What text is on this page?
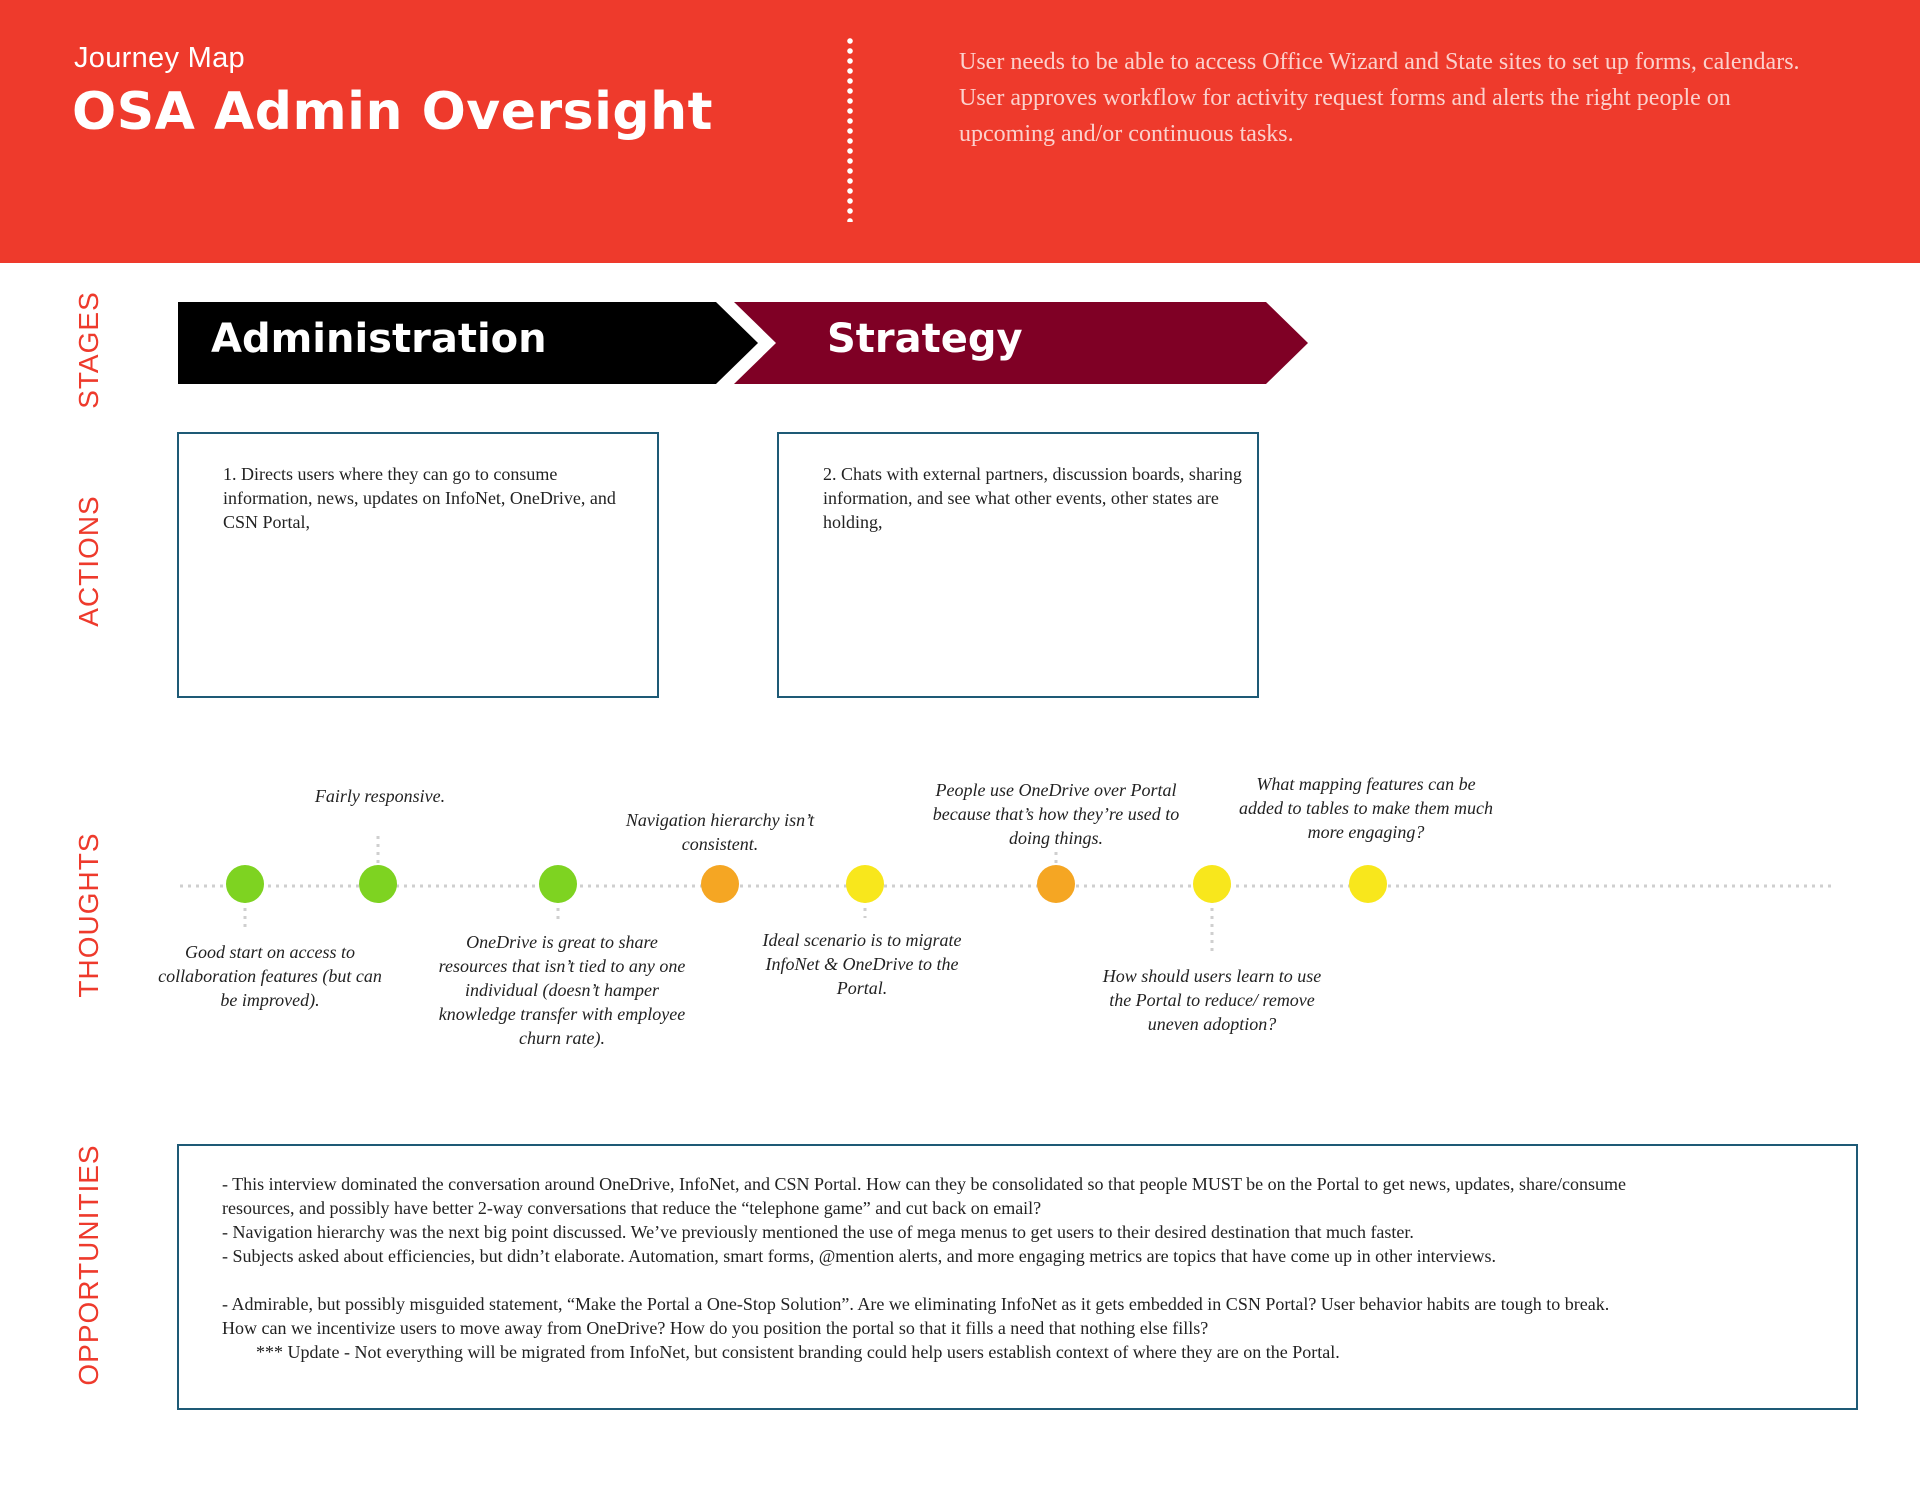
Journey Map
OSA Admin Oversight
User needs to be able to access Office Wizard and State sites to set up forms, calendars. User approves workflow for activity request forms and alerts the right people on upcoming and/or continuous tasks.
STAGES
ACTIONS
THOUGHTS
OPPORTUNITIES
Administration	Strategy
1. Directs users where they can go to consume information, news, updates on InfoNet, OneDrive, and CSN Portal,
2. Chats with external partners, discussion boards, sharing information, and see what other events, other states are holding,
Good start on access to collaboration features (but can be improved).
Fairly responsive.
OneDrive is great to share resources that isn’t tied to any one individual (doesn’t hamper knowledge transfer with employee churn rate).
Navigation hierarchy isn’t consistent.
Ideal scenario is to migrate InfoNet & OneDrive to the Portal.
People use OneDrive over Portal because that’s how they’re used to doing things.
How should users learn to use the Portal to reduce/ remove uneven adoption?
What mapping features can be added to tables to make them much more engaging?

- This interview dominated the conversation around OneDrive, InfoNet, and CSN Portal. How can they be consolidated so that people MUST be on the Portal to get news, updates, share/consume resources, and possibly have better 2-way conversations that reduce the “telephone game” and cut back on email?

- Navigation hierarchy was the next big point discussed. We’ve previously mentioned the use of mega menus to get users to their desired destination that much faster.

- Subjects asked about efficiencies, but didn’t elaborate. Automation, smart forms, @mention alerts, and more engaging metrics are topics that have come up in other interviews.

- Admirable, but possibly misguided statement, “Make the Portal a One-Stop Solution”. Are we eliminating InfoNet as it gets embedded in CSN Portal? User behavior habits are tough to break. How can we incentivize users to move away from OneDrive? How do you position the portal so that it fills a need that nothing else fills?

*** Update - Not everything will be migrated from InfoNet, but consistent branding could help users establish context of where they are on the Portal.
